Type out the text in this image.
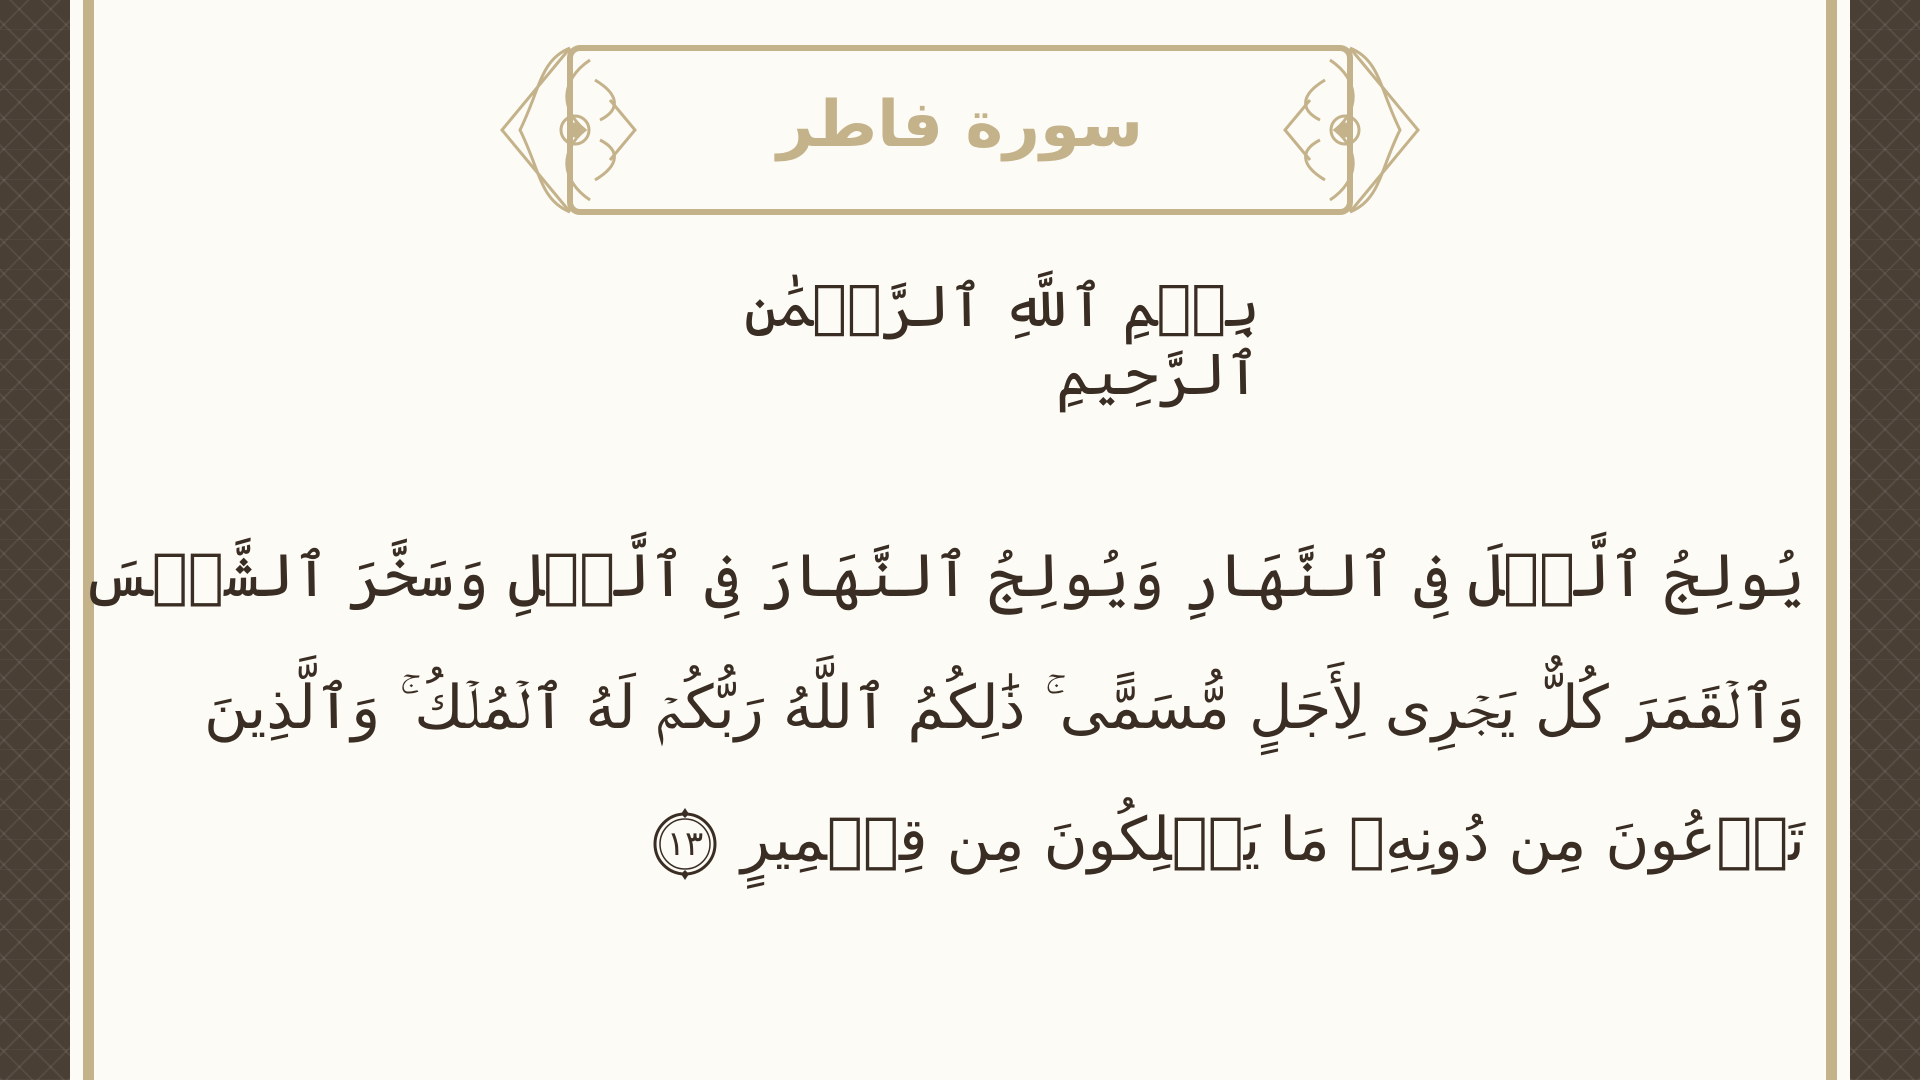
سورة فاطر
بِسۡمِ ٱللَّهِ ٱلرَّحۡمَٰنِ ٱلرَّحِيمِ
يُولِجُ ٱلَّيۡلَ فِى ٱلنَّهَارِ وَيُولِجُ ٱلنَّهَارَ فِى ٱلَّيۡلِ وَسَخَّرَ ٱلشَّمۡسَ
وَٱلۡقَمَرَ كُلٌّ يَجۡرِى لِأَجَلٍ مُّسَمًّى ۚ ذَٰلِكُمُ ٱللَّهُ رَبُّكُمۡ لَهُ ٱلۡمُلۡكُ ۚ وَٱلَّذِينَ
تَدۡعُونَ مِن دُونِهِۦ مَا يَمۡلِكُونَ مِن قِطۡمِيرٍ
١٣
